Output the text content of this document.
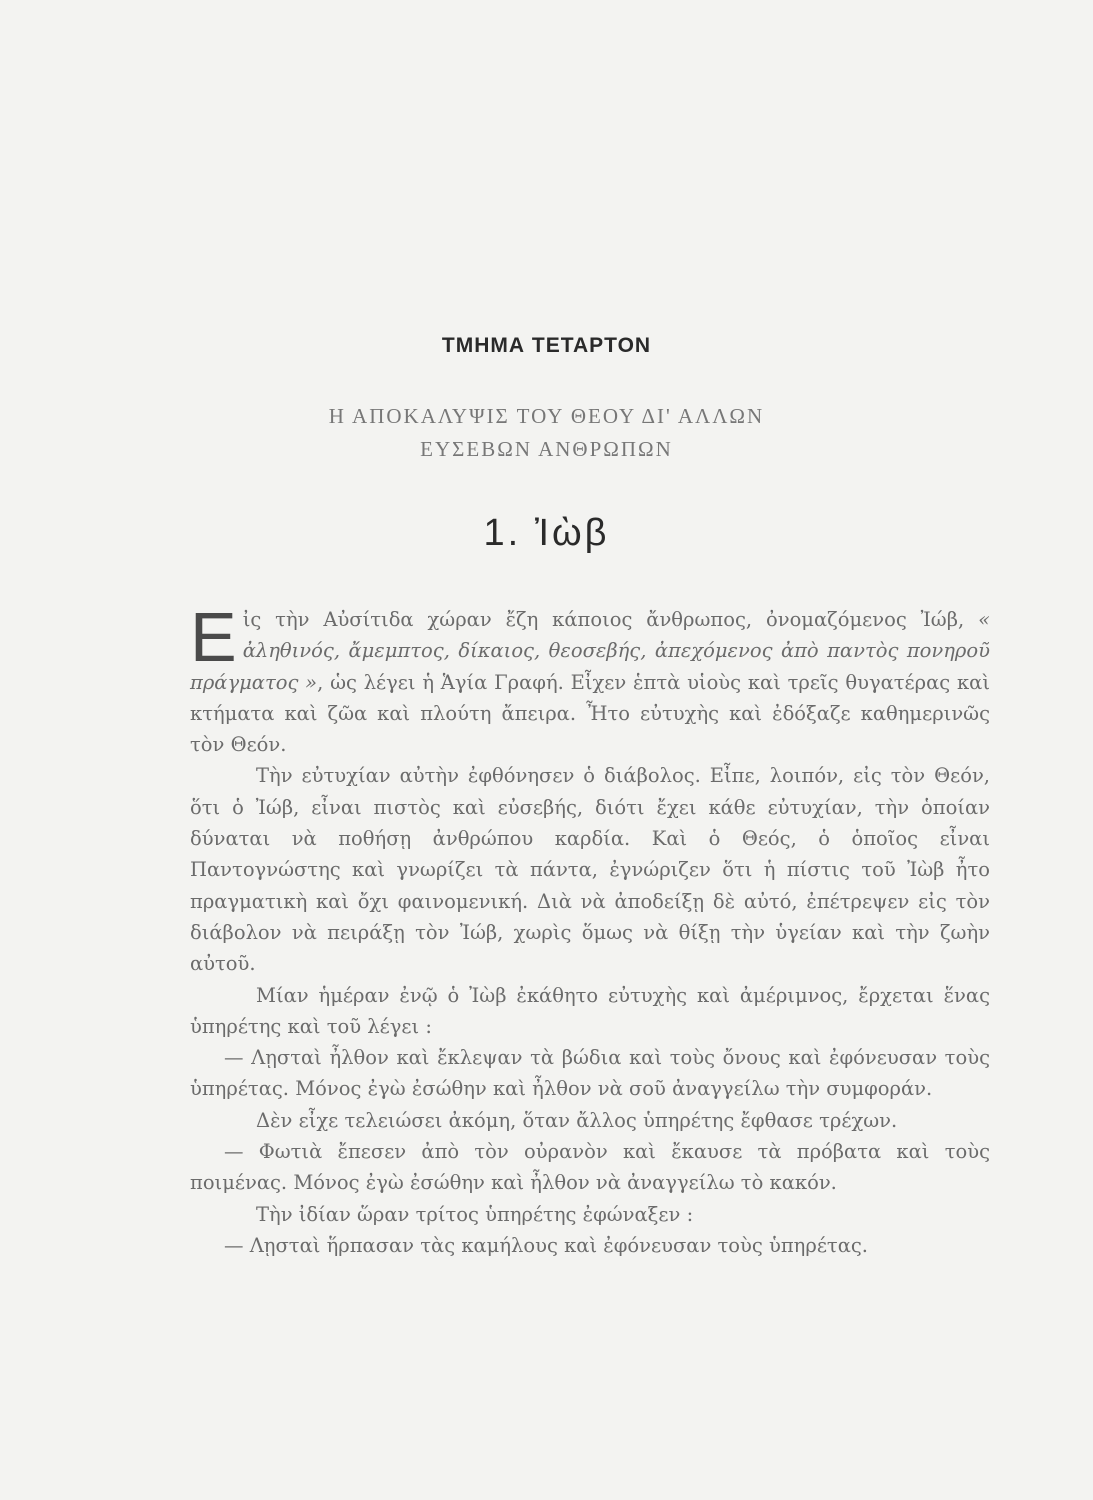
ΤΜΗΜΑ ΤΕΤΑΡΤΟΝ
Η ΑΠΟΚΑΛΥΨΙΣ ΤΟΥ ΘΕΟΥ ΔΙ' ΑΛΛΩΝ
ΕΥΣΕΒΩΝ ΑΝΘΡΩΠΩΝ
1. Ἰὼβ

Εἰς τὴν Αὐσίτιδα χώραν ἔζη κάποιος ἄνθρωπος, ὀνομαζόμενος Ἰώβ, « ἀληθινός, ἄμεμπτος, δίκαιος, θεοσεβής, ἀπεχόμενος ἀπὸ παντὸς πονηροῦ πράγματος », ὡς λέγει ἡ Ἁγία Γραφή. Εἶχεν ἑπτὰ υἱοὺς καὶ τρεῖς θυγατέρας καὶ κτήματα καὶ ζῶα καὶ πλούτη ἄπειρα. Ἦτο εὐτυχὴς καὶ ἐδόξαζε καθημερινῶς τὸν Θεόν.

Τὴν εὐτυχίαν αὐτὴν ἐφθόνησεν ὁ διάβολος. Εἶπε, λοιπόν, εἰς τὸν Θεόν, ὅτι ὁ Ἰώβ, εἶναι πιστὸς καὶ εὐσεβής, διότι ἔχει κάθε εὐτυχίαν, τὴν ὁποίαν δύναται νὰ ποθήσῃ ἀνθρώπου καρδία. Καὶ ὁ Θεός, ὁ ὁποῖος εἶναι Παντογνώστης καὶ γνωρίζει τὰ πάντα, ἐγνώριζεν ὅτι ἡ πίστις τοῦ Ἰὼβ ἦτο πραγματικὴ καὶ ὄχι φαινομενική. Διὰ νὰ ἀποδείξῃ δὲ αὐτό, ἐπέτρεψεν εἰς τὸν διάβολον νὰ πειράξῃ τὸν Ἰώβ, χωρὶς ὅμως νὰ θίξῃ τὴν ὑγείαν καὶ τὴν ζωὴν αὐτοῦ.

Μίαν ἡμέραν ἐνῷ ὁ Ἰὼβ ἐκάθητο εὐτυχὴς καὶ ἀμέριμνος, ἔρχεται ἕνας ὑπηρέτης καὶ τοῦ λέγει :

— Λῃσταὶ ἦλθον καὶ ἔκλεψαν τὰ βώδια καὶ τοὺς ὄνους καὶ ἐφόνευσαν τοὺς ὑπηρέτας. Μόνος ἐγὼ ἐσώθην καὶ ἦλθον νὰ σοῦ ἀναγγείλω τὴν συμφοράν.

Δὲν εἶχε τελειώσει ἀκόμη, ὅταν ἄλλος ὑπηρέτης ἔφθασε τρέχων.

— Φωτιὰ ἔπεσεν ἀπὸ τὸν οὐρανὸν καὶ ἔκαυσε τὰ πρόβατα καὶ τοὺς ποιμένας. Μόνος ἐγὼ ἐσώθην καὶ ἦλθον νὰ ἀναγγείλω τὸ κακόν.

Τὴν ἰδίαν ὥραν τρίτος ὑπηρέτης ἐφώναξεν :

— Λῃσταὶ ἥρπασαν τὰς καμήλους καὶ ἐφόνευσαν τοὺς ὑπηρέτας.
